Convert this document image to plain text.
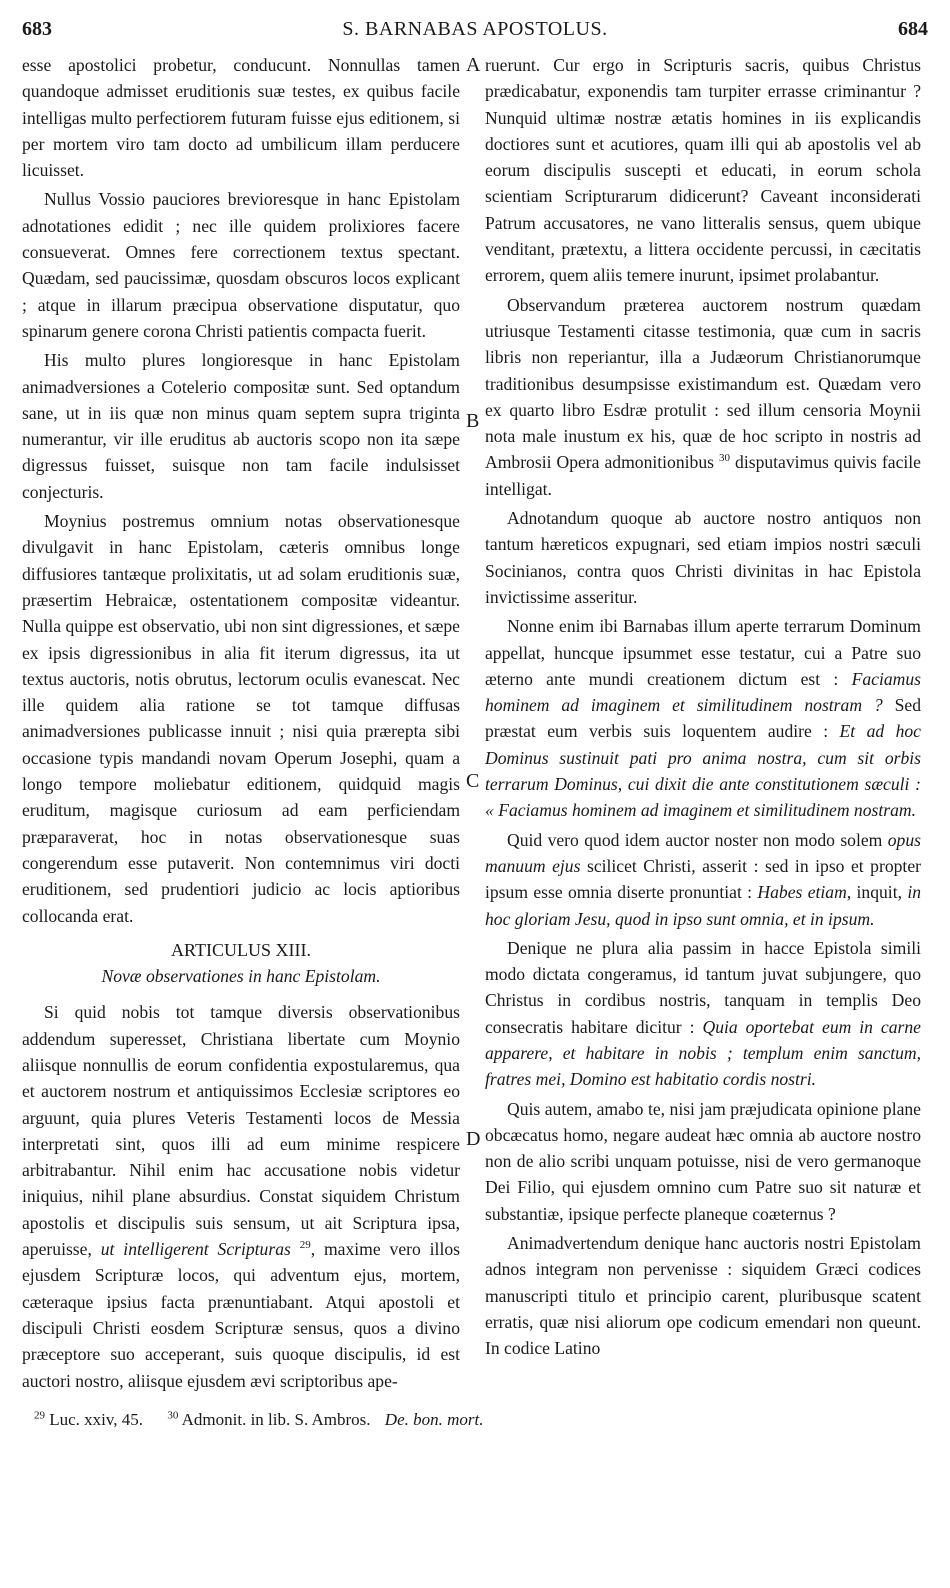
683	S. BARNABAS APOSTOLUS.	684
A
B
C
D

esse apostolici probetur, conducunt. Nonnullas tamen quandoque admisset eruditionis suæ testes, ex quibus facile intelligas multo perfectiorem futuram fuisse ejus editionem, si per mortem viro tam docto ad umbilicum illam perducere licuisset.

Nullus Vossio pauciores brevioresque in hanc Epistolam adnotationes edidit ; nec ille quidem prolixiores facere consueverat. Omnes fere correctionem textus spectant. Quædam, sed paucissimæ, quosdam obscuros locos explicant ; atque in illarum præcipua observatione disputatur, quo spinarum genere corona Christi patientis compacta fuerit.

His multo plures longioresque in hanc Epistolam animadversiones a Cotelerio compositæ sunt. Sed optandum sane, ut in iis quæ non minus quam septem supra triginta numerantur, vir ille eruditus ab auctoris scopo non ita sæpe digressus fuisset, suisque non tam facile indulsisset conjecturis.

Moynius postremus omnium notas observationesque divulgavit in hanc Epistolam, cæteris omnibus longe diffusiores tantæque prolixitatis, ut ad solam eruditionis suæ, præsertim Hebraicæ, ostentationem compositæ videantur. Nulla quippe est observatio, ubi non sint digressiones, et sæpe ex ipsis digressionibus in alia fit iterum digressus, ita ut textus auctoris, notis obrutus, lectorum oculis evanescat. Nec ille quidem alia ratione se tot tamque diffusas animadversiones publicasse innuit ; nisi quia prærepta sibi occasione typis mandandi novam Operum Josephi, quam a longo tempore moliebatur editionem, quidquid magis eruditum, magisque curiosum ad eam perficiendam præparaverat, hoc in notas observationesque suas congerendum esse putaverit. Non contemnimus viri docti eruditionem, sed prudentiori judicio ac locis aptioribus collocanda erat.

ARTICULUS XIII.
Novæ observationes in hanc Epistolam.

Si quid nobis tot tamque diversis observationibus addendum superesset, Christiana libertate cum Moynio aliisque nonnullis de eorum confidentia expostularemus, qua et auctorem nostrum et antiquissimos Ecclesiæ scriptores eo arguunt, quia plures Veteris Testamenti locos de Messia interpretati sint, quos illi ad eum minime respicere arbitrabantur. Nihil enim hac accusatione nobis videtur iniquius, nihil plane absurdius. Constat siquidem Christum apostolis et discipulis suis sensum, ut ait Scriptura ipsa, aperuisse, ut intelligerent Scripturas $^{29}$, maxime vero illos ejusdem Scripturæ locos, qui adventum ejus, mortem, cæteraque ipsius facta prænuntiabant. Atqui apostoli et discipuli Christi eosdem Scripturæ sensus, quos a divino præceptore suo acceperant, suis quoque discipulis, id est auctori nostro, aliisque ejusdem ævi scriptoribus ape-

ruerunt. Cur ergo in Scripturis sacris, quibus Christus prædicabatur, exponendis tam turpiter errasse criminantur ? Nunquid ultimæ nostræ ætatis homines in iis explicandis doctiores sunt et acutiores, quam illi qui ab apostolis vel ab eorum discipulis suscepti et educati, in eorum schola scientiam Scripturarum didicerunt? Caveant inconsiderati Patrum accusatores, ne vano litteralis sensus, quem ubique venditant, prætextu, a littera occidente percussi, in cæcitatis errorem, quem aliis temere inurunt, ipsimet prolabantur.

Observandum præterea auctorem nostrum quædam utriusque Testamenti citasse testimonia, quæ cum in sacris libris non reperiantur, illa a Judæorum Christianorumque traditionibus desumpsisse existimandum est. Quædam vero ex quarto libro Esdræ protulit : sed illum censoria Moynii nota male inustum ex his, quæ de hoc scripto in nostris ad Ambrosii Opera admonitionibus $^{30}$ disputavimus quivis facile intelligat.

Adnotandum quoque ab auctore nostro antiquos non tantum hæreticos expugnari, sed etiam impios nostri sæculi Socinianos, contra quos Christi divinitas in hac Epistola invictissime asseritur.

Nonne enim ibi Barnabas illum aperte terrarum Dominum appellat, huncque ipsummet esse testatur, cui a Patre suo æterno ante mundi creationem dictum est : Faciamus hominem ad imaginem et similitudinem nostram ? Sed præstat eum verbis suis loquentem audire : Et ad hoc Dominus sustinuit pati pro anima nostra, cum sit orbis terrarum Dominus, cui dixit die ante constitutionem sæculi : « Faciamus hominem ad imaginem et similitudinem nostram.

Quid vero quod idem auctor noster non modo solem opus manuum ejus scilicet Christi, asserit : sed in ipso et propter ipsum esse omnia diserte pronuntiat : Habes etiam, inquit, in hoc gloriam Jesu, quod in ipso sunt omnia, et in ipsum.

Denique ne plura alia passim in hacce Epistola simili modo dictata congeramus, id tantum juvat subjungere, quo Christus in cordibus nostris, tanquam in templis Deo consecratis habitare dicitur : Quia oportebat eum in carne apparere, et habitare in nobis ; templum enim sanctum, fratres mei, Domino est habitatio cordis nostri.

Quis autem, amabo te, nisi jam præjudicata opinione plane obcæcatus homo, negare audeat hæc omnia ab auctore nostro non de alio scribi unquam potuisse, nisi de vero germanoque Dei Filio, qui ejusdem omnino cum Patre suo sit naturæ et substantiæ, ipsique perfecte planeque coæternus ?

Animadvertendum denique hanc auctoris nostri Epistolam adnos integram non pervenisse : siquidem Græci codices manuscripti titulo et principio carent, pluribusque scatent erratis, quæ nisi aliorum ope codicum emendari non queunt. In codice Latino

$^{29}$ Luc. xxiv, 45. $^{30}$ Admonit. in lib. S. Ambros. De. bon. mort.
